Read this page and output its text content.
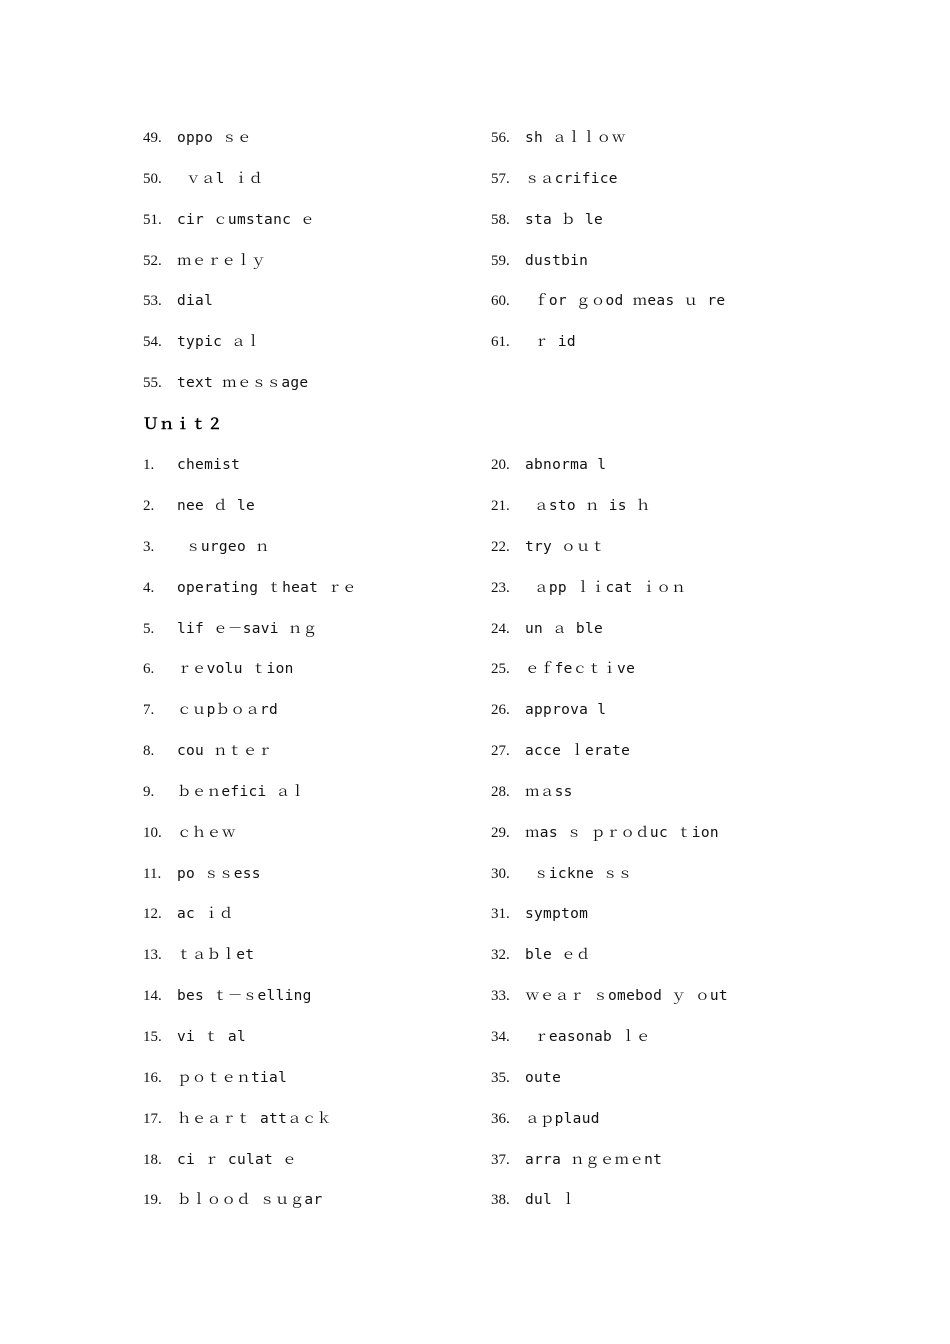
49.

oppo ｓｅ

50.

ｖａl ｉｄ

51.

cir ｃumstanc ｅ

52.

ｍｅｒｅｌｙ

53.

dial

54.

typic ａｌ

55.

text ｍｅｓｓage

56.

sh ａｌｌｏｗ

57.

ｓａcrifice

58.

sta ｂ le

59.

dustbin

60.

ｆor ｇｏod ｍeas ｕ re

61.

ｒ id

Ｕｎｉｔ２

1.

chemist

2.

nee ｄ le

3.

ｓurgeo ｎ

4.

operating ｔheat ｒｅ

5.

lif ｅ－savi ｎｇ

6.

ｒｅvolu ｔion

7.

ｃｕpｂｏａrd

8.

cou ｎｔｅｒ

9.

ｂｅｎefici ａｌ

10.

ｃｈｅｗ

11.

po ｓｓess

12.

ac ｉｄ

13.

ｔａｂｌet

14.

bes ｔ－ｓelling

15.

vi ｔ al

16.

ｐｏｔｅｎtial

17.

ｈｅａｒｔ attａｃｋ

18.

ci ｒ culat ｅ

19.

ｂｌｏｏｄ ｓｕｇar

20.

abnorma l

21.

ａsto ｎ is ｈ

22.

try ｏｕｔ

23.

ａpp ｌｉcat ｉｏｎ

24.

un ａ ble

25.

ｅｆfeｃｔｉve

26.

approva l

27.

acce ｌerate

28.

ｍａss

29.

ｍas ｓ ｐｒｏｄuc ｔion

30.

ｓickne ｓｓ

31.

symptom

32.

ble ｅｄ

33.

ｗｅａｒ ｓomebod ｙ ｏut

34.

ｒeasonab ｌｅ

35.

oute

36.

ａｐplaud

37.

arra ｎｇｅｍｅnt

38.

dul ｌ
